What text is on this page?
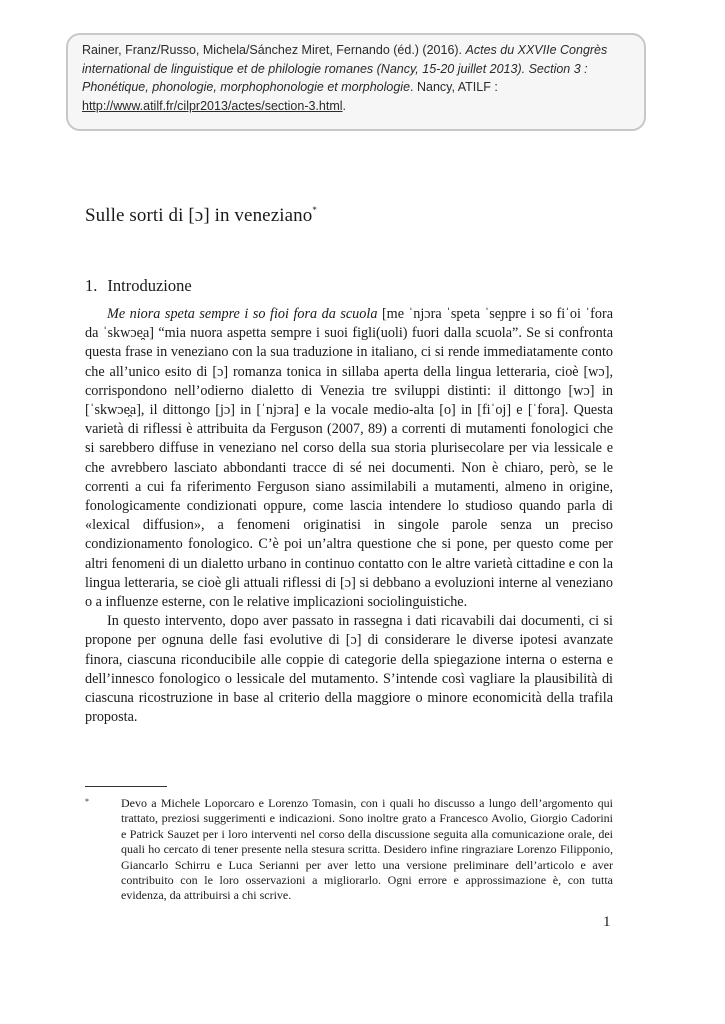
Rainer, Franz/Russo, Michela/Sánchez Miret, Fernando (éd.) (2016). Actes du XXVIIe Congrès international de linguistique et de philologie romanes (Nancy, 15-20 juillet 2013). Section 3 : Phonétique, phonologie, morphophonologie et morphologie. Nancy, ATILF : http://www.atilf.fr/cilpr2013/actes/section-3.html.
Sulle sorti di [ɔ] in veneziano*
1. Introduzione

Me niora speta sempre i so fioi fora da scuola [me ˈnjɔra ˈspeta ˈseɲpre i so fiˈoi ˈfora da ˈskwɔe̯a] “mia nuora aspetta sempre i suoi figli(uoli) fuori dalla scuola”. Se si confronta questa frase in veneziano con la sua traduzione in italiano, ci si rende immediatamente conto che all’unico esito di [ɔ] romanza tonica in sillaba aperta della lingua letteraria, cioè [wɔ], corrispondono nell’odierno dialetto di Venezia tre sviluppi distinti: il dittongo [wɔ] in [ˈskwɔe̯a], il dittongo [jɔ] in [ˈnjɔra] e la vocale medio-alta [o] in [fiˈoj] e [ˈfora]. Questa varietà di riflessi è attribuita da Ferguson (2007, 89) a correnti di mutamenti fonologici che si sarebbero diffuse in veneziano nel corso della sua storia plurisecolare per via lessicale e che avrebbero lasciato abbondanti tracce di sé nei documenti. Non è chiaro, però, se le correnti a cui fa riferimento Ferguson siano assimilabili a mutamenti, almeno in origine, fonologicamente condizionati oppure, come lascia intendere lo studioso quando parla di «lexical diffusion», a fenomeni originatisi in singole parole senza un preciso condizionamento fonologico. C’è poi un’altra questione che si pone, per questo come per altri fenomeni di un dialetto urbano in continuo contatto con le altre varietà cittadine e con la lingua letteraria, se cioè gli attuali riflessi di [ɔ] si debbano a evoluzioni interne al veneziano o a influenze esterne, con le relative implicazioni sociolinguistiche.

In questo intervento, dopo aver passato in rassegna i dati ricavabili dai documenti, ci si propone per ognuna delle fasi evolutive di [ɔ] di considerare le diverse ipotesi avanzate finora, ciascuna riconducibile alle coppie di categorie della spiegazione interna o esterna e dell’innesco fonologico o lessicale del mutamento. S’intende così vagliare la plausibilità di ciascuna ricostruzione in base al criterio della maggiore o minore economicità della trafila proposta.

*	Devo a Michele Loporcaro e Lorenzo Tomasin, con i quali ho discusso a lungo dell’argomento qui trattato, preziosi suggerimenti e indicazioni. Sono inoltre grato a Francesco Avolio, Giorgio Cadorini e Patrick Sauzet per i loro interventi nel corso della discussione seguita alla comunicazione orale, dei quali ho cercato di tener presente nella stesura scritta. Desidero infine ringraziare Lorenzo Filipponio, Giancarlo Schirru e Luca Serianni per aver letto una versione preliminare dell’articolo e aver contribuito con le loro osservazioni a migliorarlo. Ogni errore e approssimazione è, con tutta evidenza, da attribuirsi a chi scrive.
1
